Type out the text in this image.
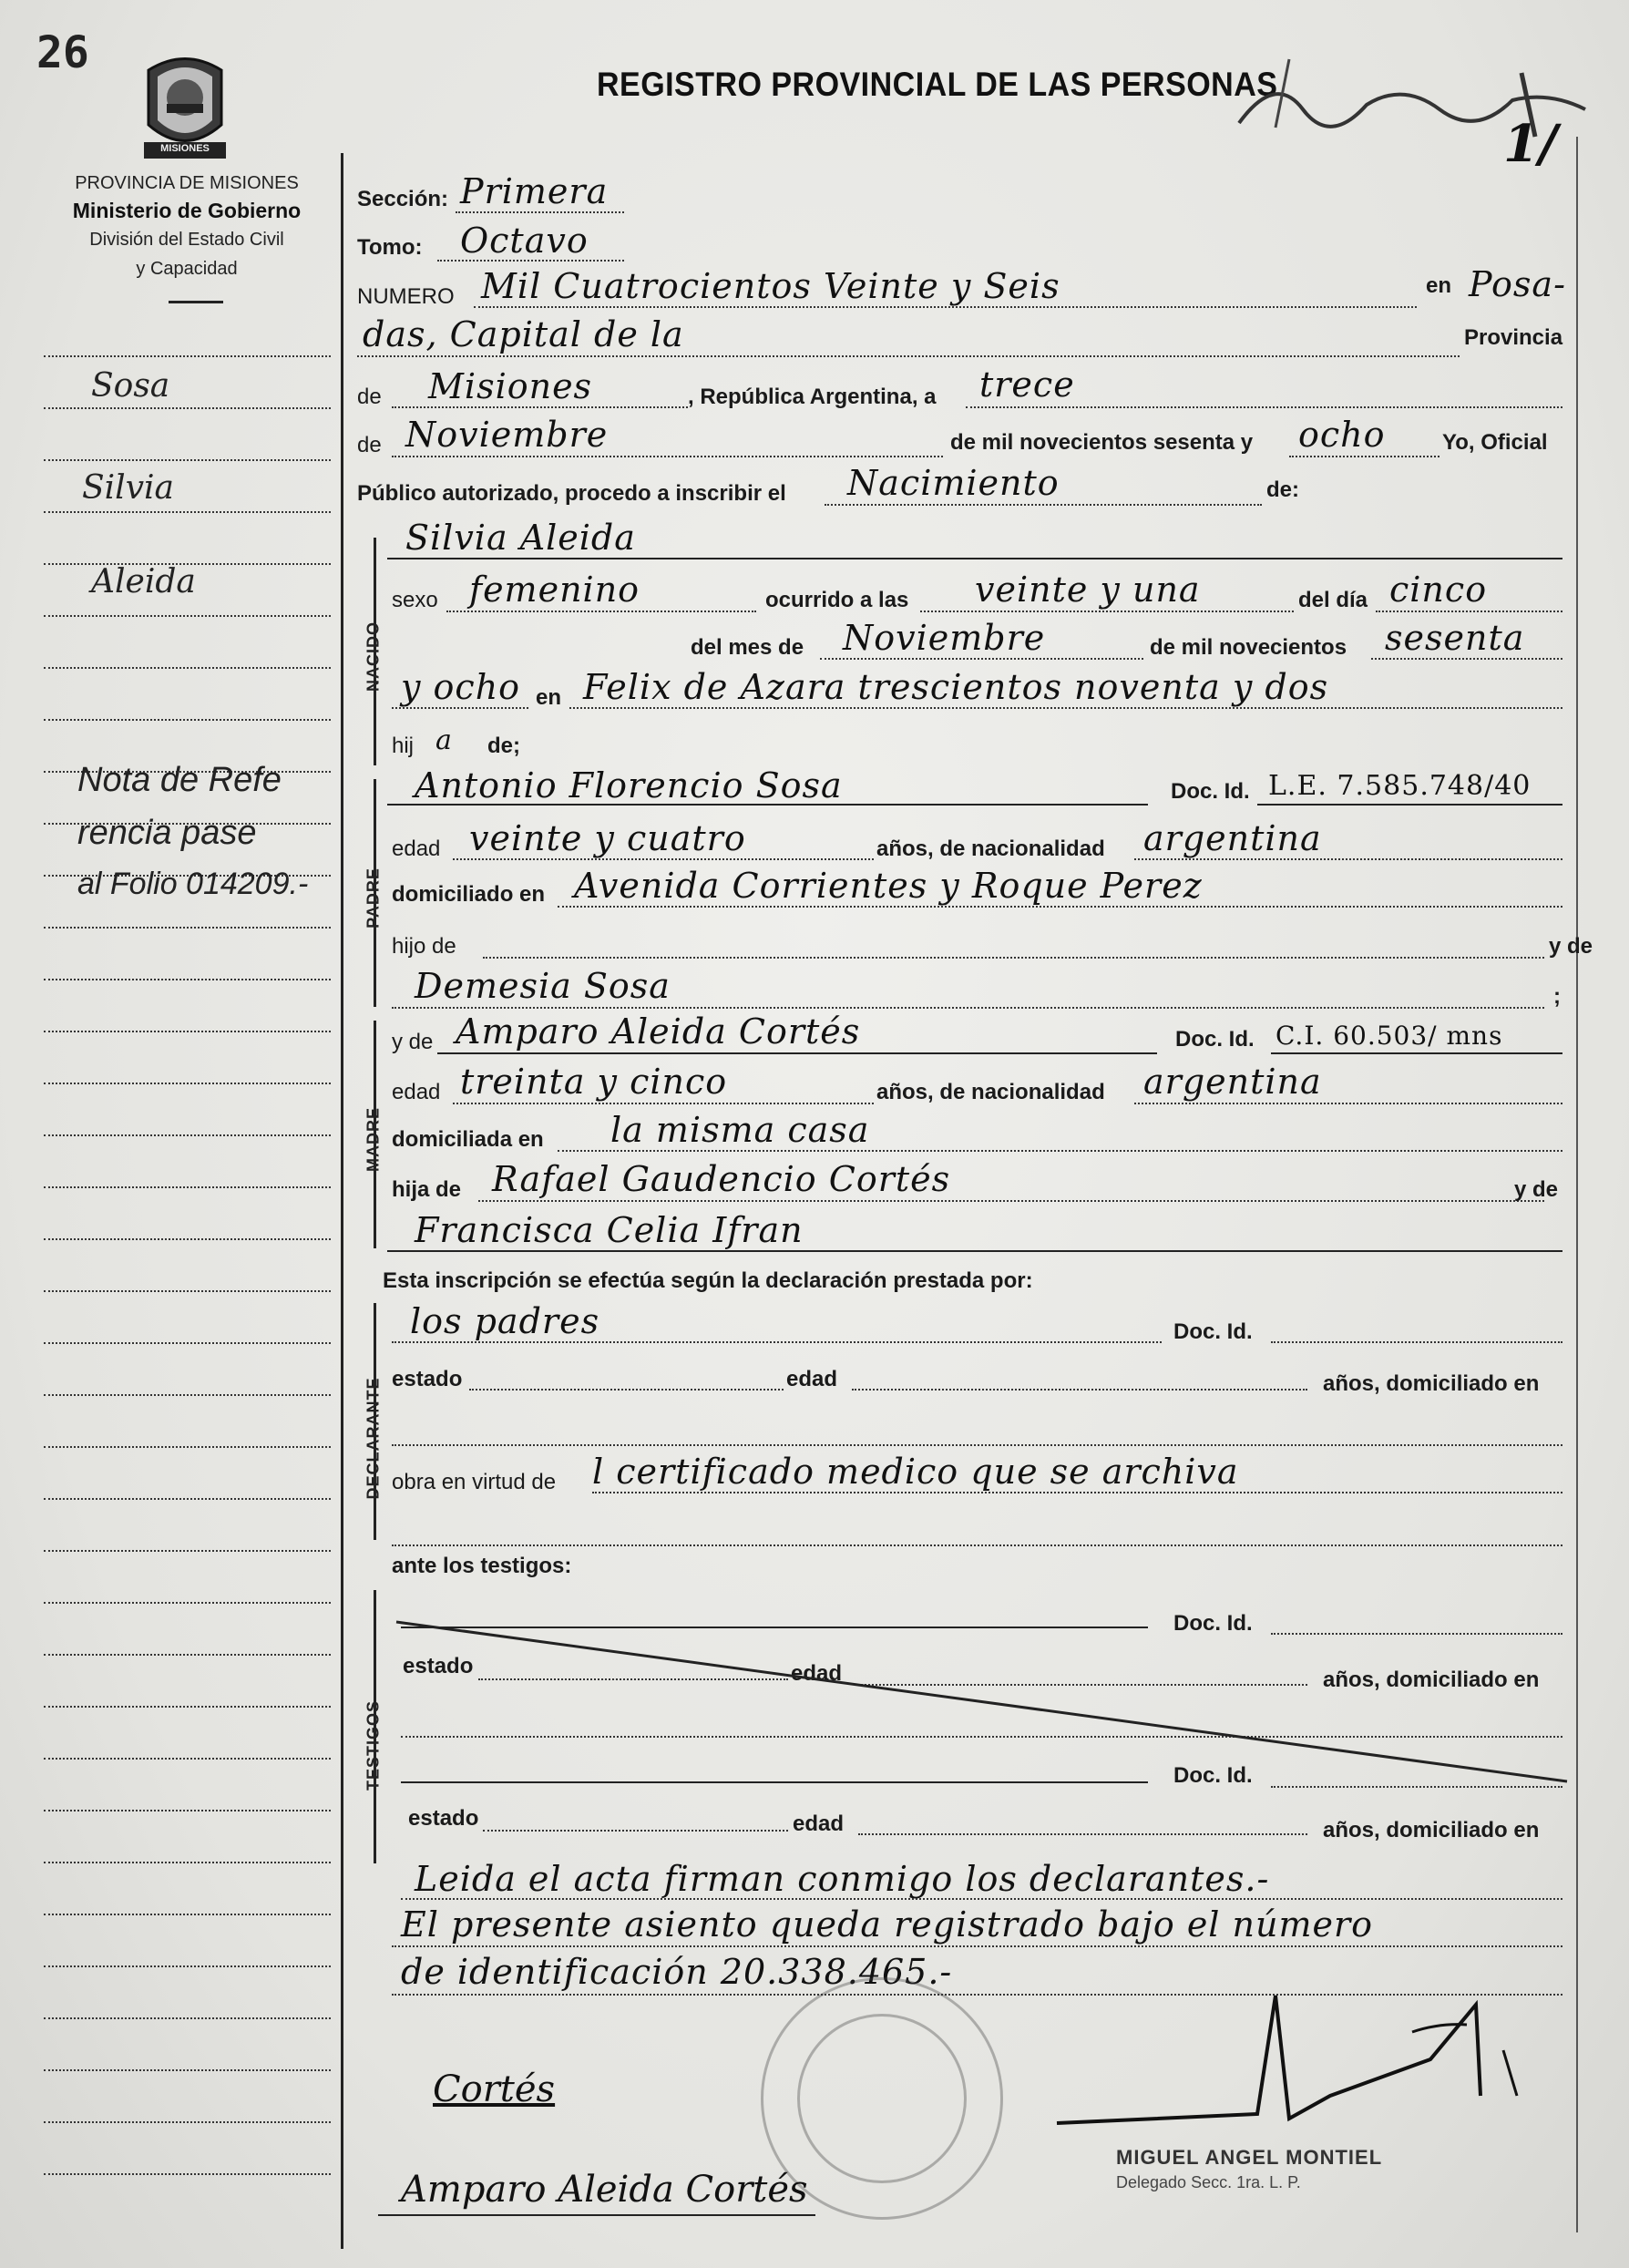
26
MISIONES
PROVINCIA DE MISIONES
Ministerio de Gobierno
División del Estado Civil
y Capacidad
REGISTRO PROVINCIAL DE LAS PERSONAS
1/
Sosa
Silvia
Aleida
Nota de Refe
rencia pase
al Folio 014209.-
Sección: Primera
Tomo: Octavo
NUMERO Mil Cuatrocientos Veinte y Seis	en Posa-
das, Capital de la	Provincia
de Misiones	, República Argentina, a trece
de Noviembre	de mil novecientos sesenta y ocho	Yo, Oficial
Público autorizado, procedo a inscribir el Nacimiento	de:
NACIDO
Silvia Aleida
sexo femenino	ocurrido a las veinte y una	del día cinco
del mes de Noviembre	de mil novecientos sesenta
y ocho en Felix de Azara trescientos noventa y dos
hij a de;
PADRE
Antonio Florencio Sosa	Doc. Id. L.E. 7.585.748/40
edad veinte y cuatro	años, de nacionalidad argentina
domiciliado en Avenida Corrientes y Roque Perez
hijo de	y de
Demesia Sosa	;
MADRE
y de Amparo Aleida Cortés	Doc. Id. C.I. 60.503/ mns
edad treinta y cinco	años, de nacionalidad argentina
domiciliada en la misma casa
hija de Rafael Gaudencio Cortés	y de
Francisca Celia Ifran
Esta inscripción se efectúa según la declaración prestada por:
DECLARANTE
los padres	Doc. Id.
estado	edad	años, domiciliado en
obra en virtud de l certificado medico que se archiva
ante los testigos:
TESTIGOS
Doc. Id.
estado	edad	años, domiciliado en
Doc. Id.
estado	edad	años, domiciliado en
Leida el acta firman conmigo los declarantes.-
El presente asiento queda registrado bajo el número
de identificación 20.338.465.-
Cortés
Amparo Aleida Cortés
MIGUEL ANGEL MONTIEL
Delegado Secc. 1ra. L. P.
